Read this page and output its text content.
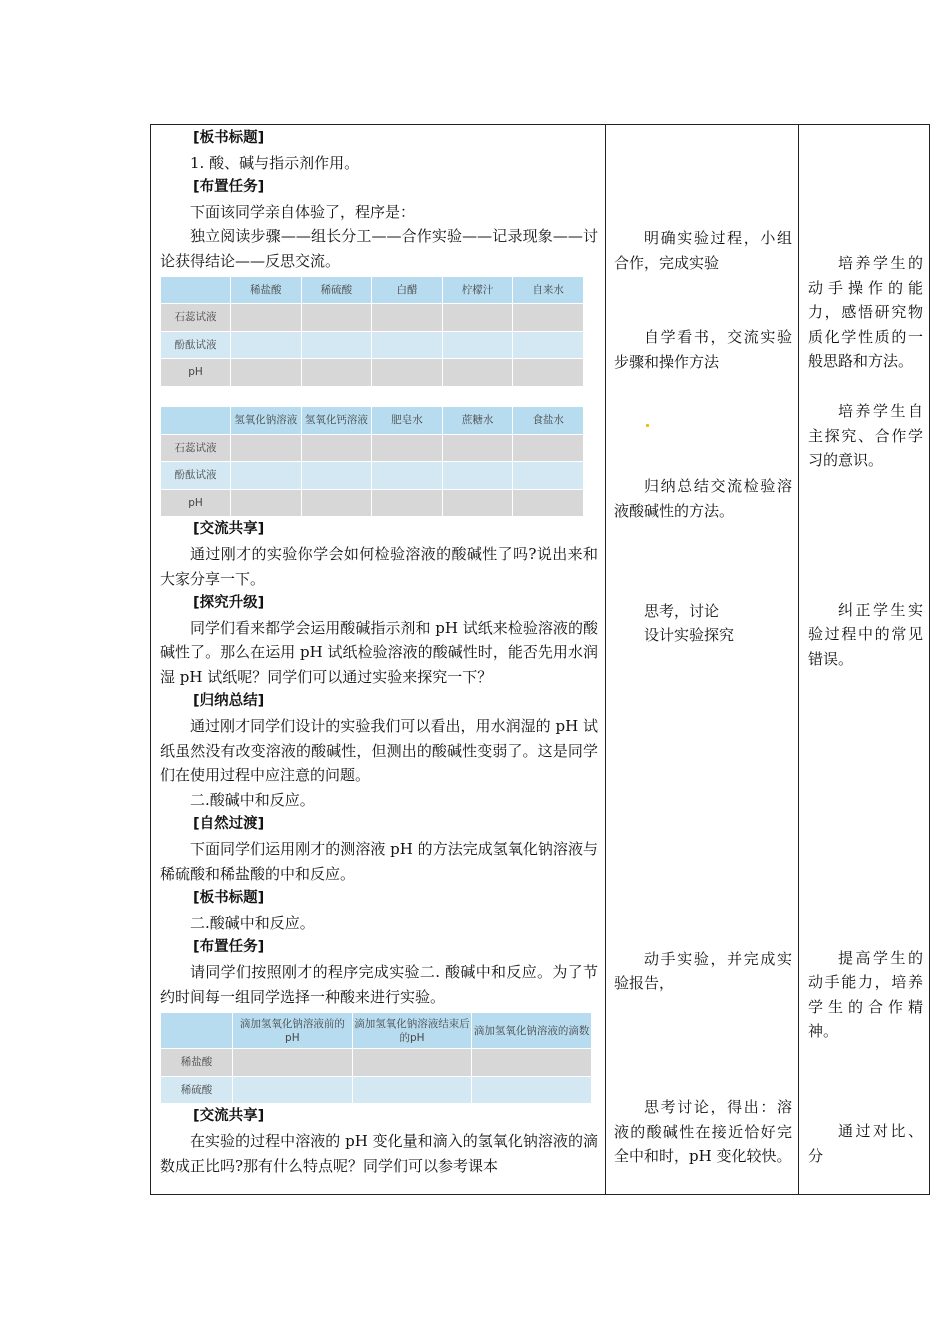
[板书标题]

1. 酸、碱与指示剂作用。

[布置任务]

下面该同学亲自体验了，程序是：

独立阅读步骤——组长分工——合作实验——记录现象——讨论获得结论——反思交流。

	稀盐酸	稀硫酸	白醋	柠檬汁	自来水
石蕊试液					
酚酞试液					
pH					
	氢氧化钠溶液	氢氧化钙溶液	肥皂水	蔗糖水	食盐水
石蕊试液					
酚酞试液					
pH					

[交流共享]

通过刚才的实验你学会如何检验溶液的酸碱性了吗?说出来和大家分享一下。

[探究升级]

同学们看来都学会运用酸碱指示剂和 pH 试纸来检验溶液的酸碱性了。那么在运用 pH 试纸检验溶液的酸碱性时，能否先用水润湿 pH 试纸呢？同学们可以通过实验来探究一下？

[归纳总结]

通过刚才同学们设计的实验我们可以看出，用水润湿的 pH 试纸虽然没有改变溶液的酸碱性，但测出的酸碱性变弱了。这是同学们在使用过程中应注意的问题。

二.酸碱中和反应。

[自然过渡]

下面同学们运用刚才的测溶液 pH 的方法完成氢氧化钠溶液与稀硫酸和稀盐酸的中和反应。

[板书标题]

二.酸碱中和反应。

[布置任务]

请同学们按照刚才的程序完成实验二. 酸碱中和反应。为了节约时间每一组同学选择一种酸来进行实验。

	滴加氢氧化钠溶液前的pH	滴加氢氧化钠溶液结束后的pH	滴加氢氧化钠溶液的滴数
稀盐酸			
稀硫酸			

[交流共享]

在实验的过程中溶液的 pH 变化量和滴入的氢氧化钠溶液的滴数成正比吗?那有什么特点呢？同学们可以参考课本

明确实验过程，小组合作，完成实验

自学看书，交流实验步骤和操作方法

归纳总结交流检验溶液酸碱性的方法。

思考，讨论

设计实验探究

动手实验，并完成实验报告，

思考讨论，得出：溶液的酸碱性在接近恰好完全中和时，pH 变化较快。

培养学生的动手操作的能力，感悟研究物质化学性质的一般思路和方法。

培养学生自主探究、合作学习的意识。

纠正学生实验过程中的常见错误。

提高学生的动手能力，培养学生的合作精神。

通过对比、分
